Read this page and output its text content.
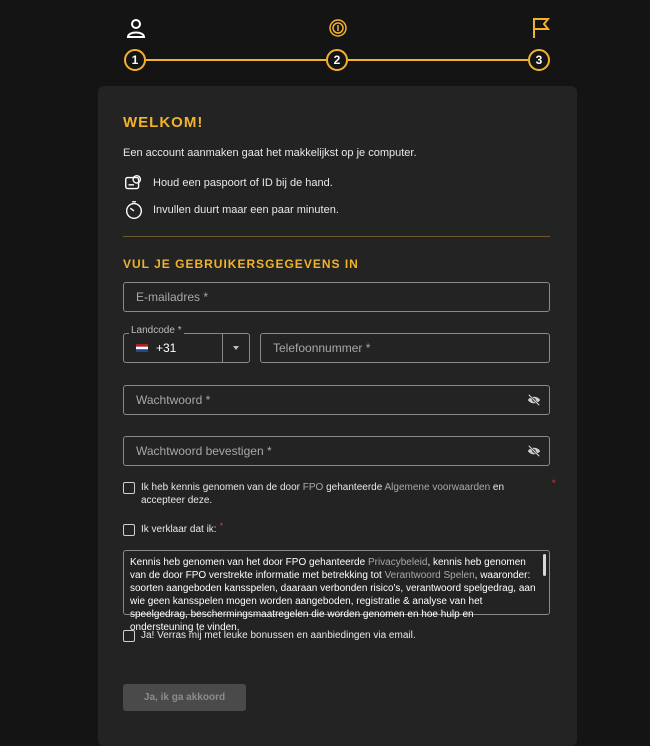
1	2	3
WELKOM!
Een account aanmaken gaat het makkelijkst op je computer.
Houd een paspoort of ID bij de hand.
Invullen duurt maar een paar minuten.
VUL JE GEBRUIKERSGEGEVENS IN
E-mailadres *
Landcode *
+31	Telefoonnummer *
Wachtwoord *
Wachtwoord bevestigen *
Ik heb kennis genomen van de door FPO gehanteerde Algemene voorwaarden en accepteer deze.
*
Ik verklaar dat ik: *
Kennis heb genomen van het door FPO gehanteerde Privacybeleid, kennis heb genomen van de door FPO verstrekte informatie met betrekking tot Verantwoord Spelen, waaronder: soorten aangeboden kansspelen, daaraan verbonden risico's, verantwoord spelgedrag, aan wie geen kansspelen mogen worden aangeboden, registratie & analyse van het speelgedrag, beschermingsmaatregelen die worden genomen en hoe hulp en ondersteuning te vinden.
Ja! Verras mij met leuke bonussen en aanbiedingen via email.
Ja, ik ga akkoord
